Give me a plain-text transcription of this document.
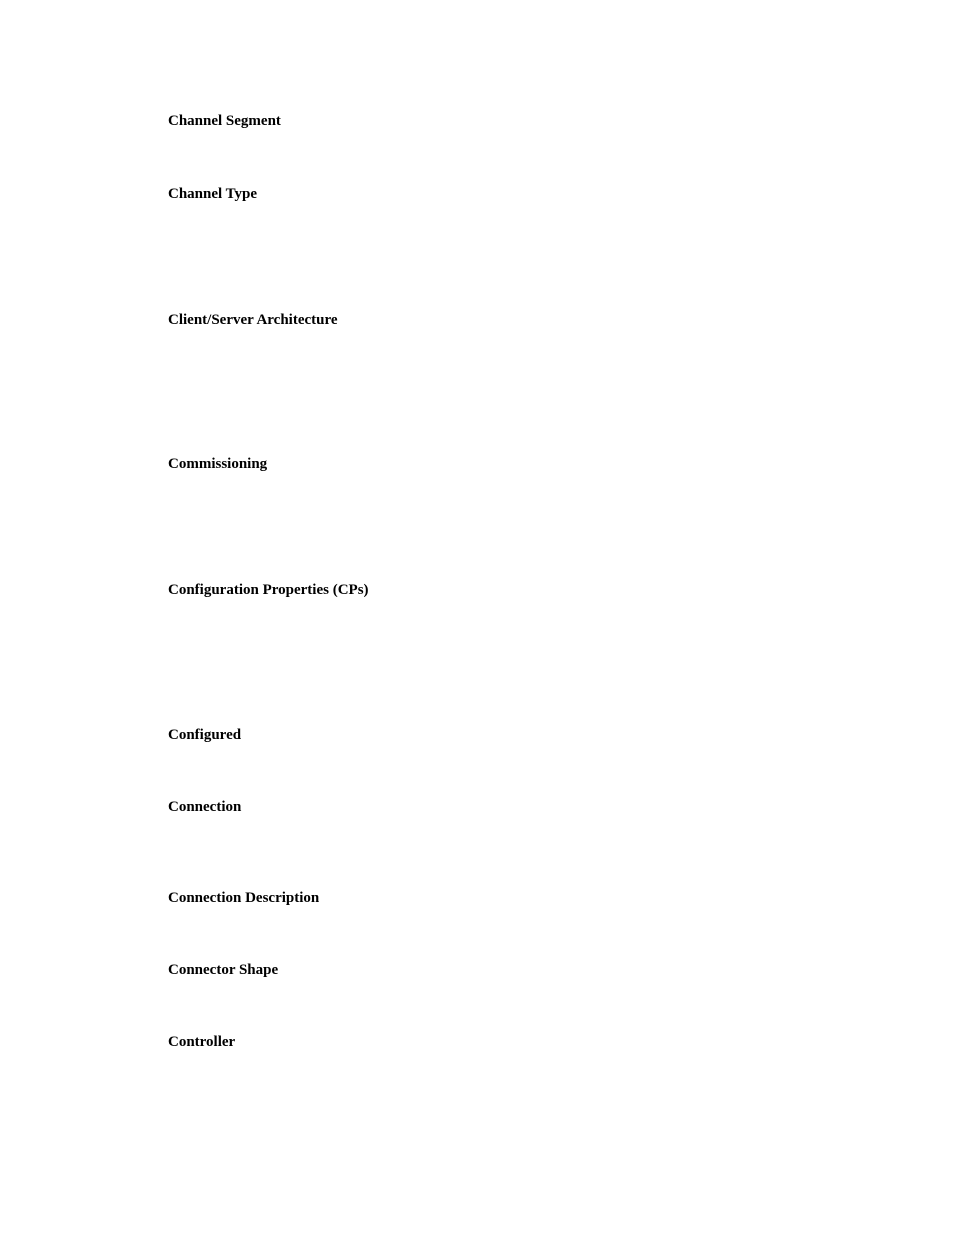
Channel Segment
Channel Type
Client/Server Architecture
Commissioning
Configuration Properties (CPs)
Configured
Connection
Connection Description
Connector Shape
Controller
